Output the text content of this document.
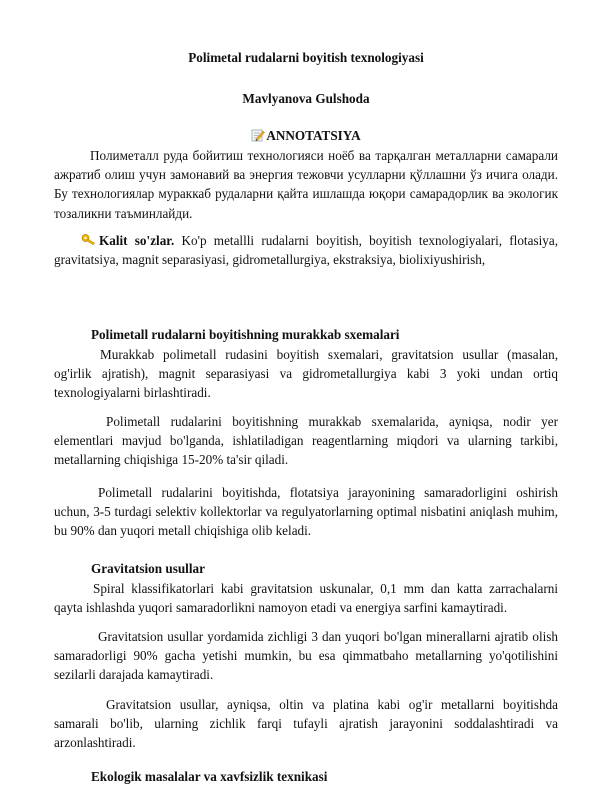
Polimetal rudalarni boyitish texnologiyasi
Mavlyanova Gulshoda
ANNOTATSIYA
Полиметалл руда бойитиш технологияси ноёб ва тарқалган металларни самарали ажратиб олиш учун замонавий ва энергия тежовчи усулларни қўллашни ўз ичига олади. Бу технологиялар мураккаб рудаларни қайта ишлашда юқори самарадорлик ва экологик тозаликни таъминлайди.
Kalit so'zlar. Ko'p metallli rudalarni boyitish, boyitish texnologiyalari, flotasiya, gravitatsiya, magnit separasiyasi, gidrometallurgiya, ekstraksiya, biolixiyushirish,
Polimetall rudalarni boyitishning murakkab sxemalari
Murakkab polimetall rudasini boyitish sxemalari, gravitatsion usullar (masalan, og'irlik ajratish), magnit separasiyasi va gidrometallurgiya kabi 3 yoki undan ortiq texnologiyalarni birlashtiradi.
Polimetall rudalarini boyitishning murakkab sxemalarida, ayniqsa, nodir yer elementlari mavjud bo'lganda, ishlatiladigan reagentlarning miqdori va ularning tarkibi, metallarning chiqishiga 15-20% ta'sir qiladi.
Polimetall rudalarini boyitishda, flotatsiya jarayonining samaradorligini oshirish uchun, 3-5 turdagi selektiv kollektorlar va regulyatorlarning optimal nisbatini aniqlash muhim, bu 90% dan yuqori metall chiqishiga olib keladi.
Gravitatsion usullar
Spiral klassifikatorlari kabi gravitatsion uskunalar, 0,1 mm dan katta zarrachalarni qayta ishlashda yuqori samaradorlikni namoyon etadi va energiya sarfini kamaytiradi.
Gravitatsion usullar yordamida zichligi 3 dan yuqori bo'lgan minerallarni ajratib olish samaradorligi 90% gacha yetishi mumkin, bu esa qimmatbaho metallarning yo'qotilishini sezilarli darajada kamaytiradi.
Gravitatsion usullar, ayniqsa, oltin va platina kabi og'ir metallarni boyitishda samarali bo'lib, ularning zichlik farqi tufayli ajratish jarayonini soddalashtiradi va arzonlashtiradi.
Ekologik masalalar va xavfsizlik texnikasi
